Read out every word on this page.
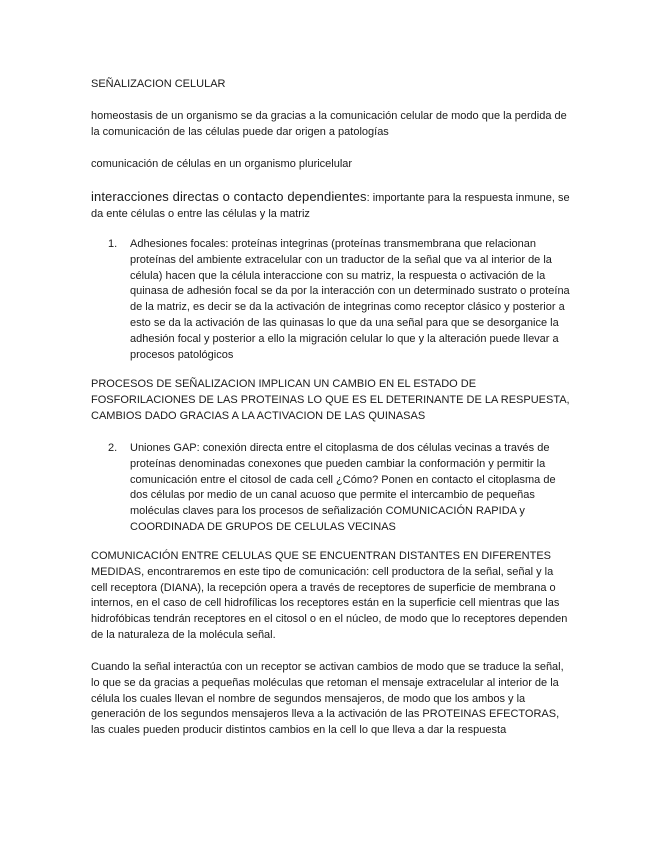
SEÑALIZACION CELULAR

homeostasis de un organismo se da gracias a la comunicación celular de modo que la perdida de la comunicación de las células puede dar origen a patologías

comunicación de células en un organismo pluricelular

interacciones directas o contacto dependientes: importante para la respuesta inmune, se da ente células o entre las células y la matriz

1.	Adhesiones focales: proteínas integrinas (proteínas transmembrana que relacionan proteínas del ambiente extracelular con un traductor de la señal que va al interior de la célula) hacen que la célula interaccione con su matriz, la respuesta o activación de la quinasa de adhesión focal se da por la interacción con un determinado sustrato o proteína de la matriz, es decir se da la activación de integrinas como receptor clásico y posterior a esto se da la activación de las quinasas lo que da una señal para que se desorganice la adhesión focal y posterior a ello la migración celular lo que y la alteración puede llevar a procesos patológicos

PROCESOS DE SEÑALIZACION IMPLICAN UN CAMBIO EN EL ESTADO DE FOSFORILACIONES DE LAS PROTEINAS LO QUE ES EL DETERINANTE DE LA RESPUESTA, CAMBIOS DADO GRACIAS A LA ACTIVACION DE LAS QUINASAS

2.	Uniones GAP: conexión directa entre el citoplasma de dos células vecinas a través de proteínas denominadas conexones que pueden cambiar la conformación y permitir la comunicación entre el citosol de cada cell ¿Cómo? Ponen en contacto el citoplasma de dos células por medio de un canal acuoso que permite el intercambio de pequeñas moléculas claves para los procesos de señalización COMUNICACIÓN RAPIDA y COORDINADA DE GRUPOS DE CELULAS VECINAS

COMUNICACIÓN ENTRE CELULAS QUE SE ENCUENTRAN DISTANTES EN DIFERENTES MEDIDAS, encontraremos en este tipo de comunicación: cell productora de la señal, señal y la cell receptora (DIANA), la recepción opera a través de receptores de superficie de membrana o internos, en el caso de cell hidrofílicas los receptores están en la superficie cell mientras que las hidrofóbicas tendrán receptores en el citosol o en el núcleo, de modo que lo receptores dependen de la naturaleza de la molécula señal.

Cuando la señal interactúa con un receptor se activan cambios de modo que se traduce la señal, lo que se da gracias a pequeñas moléculas que retoman el mensaje extracelular al interior de la célula los cuales llevan el nombre de segundos mensajeros, de modo que los ambos y la generación de los segundos mensajeros lleva a la activación de las PROTEINAS EFECTORAS, las cuales pueden producir distintos cambios en la cell lo que lleva a dar la respuesta
